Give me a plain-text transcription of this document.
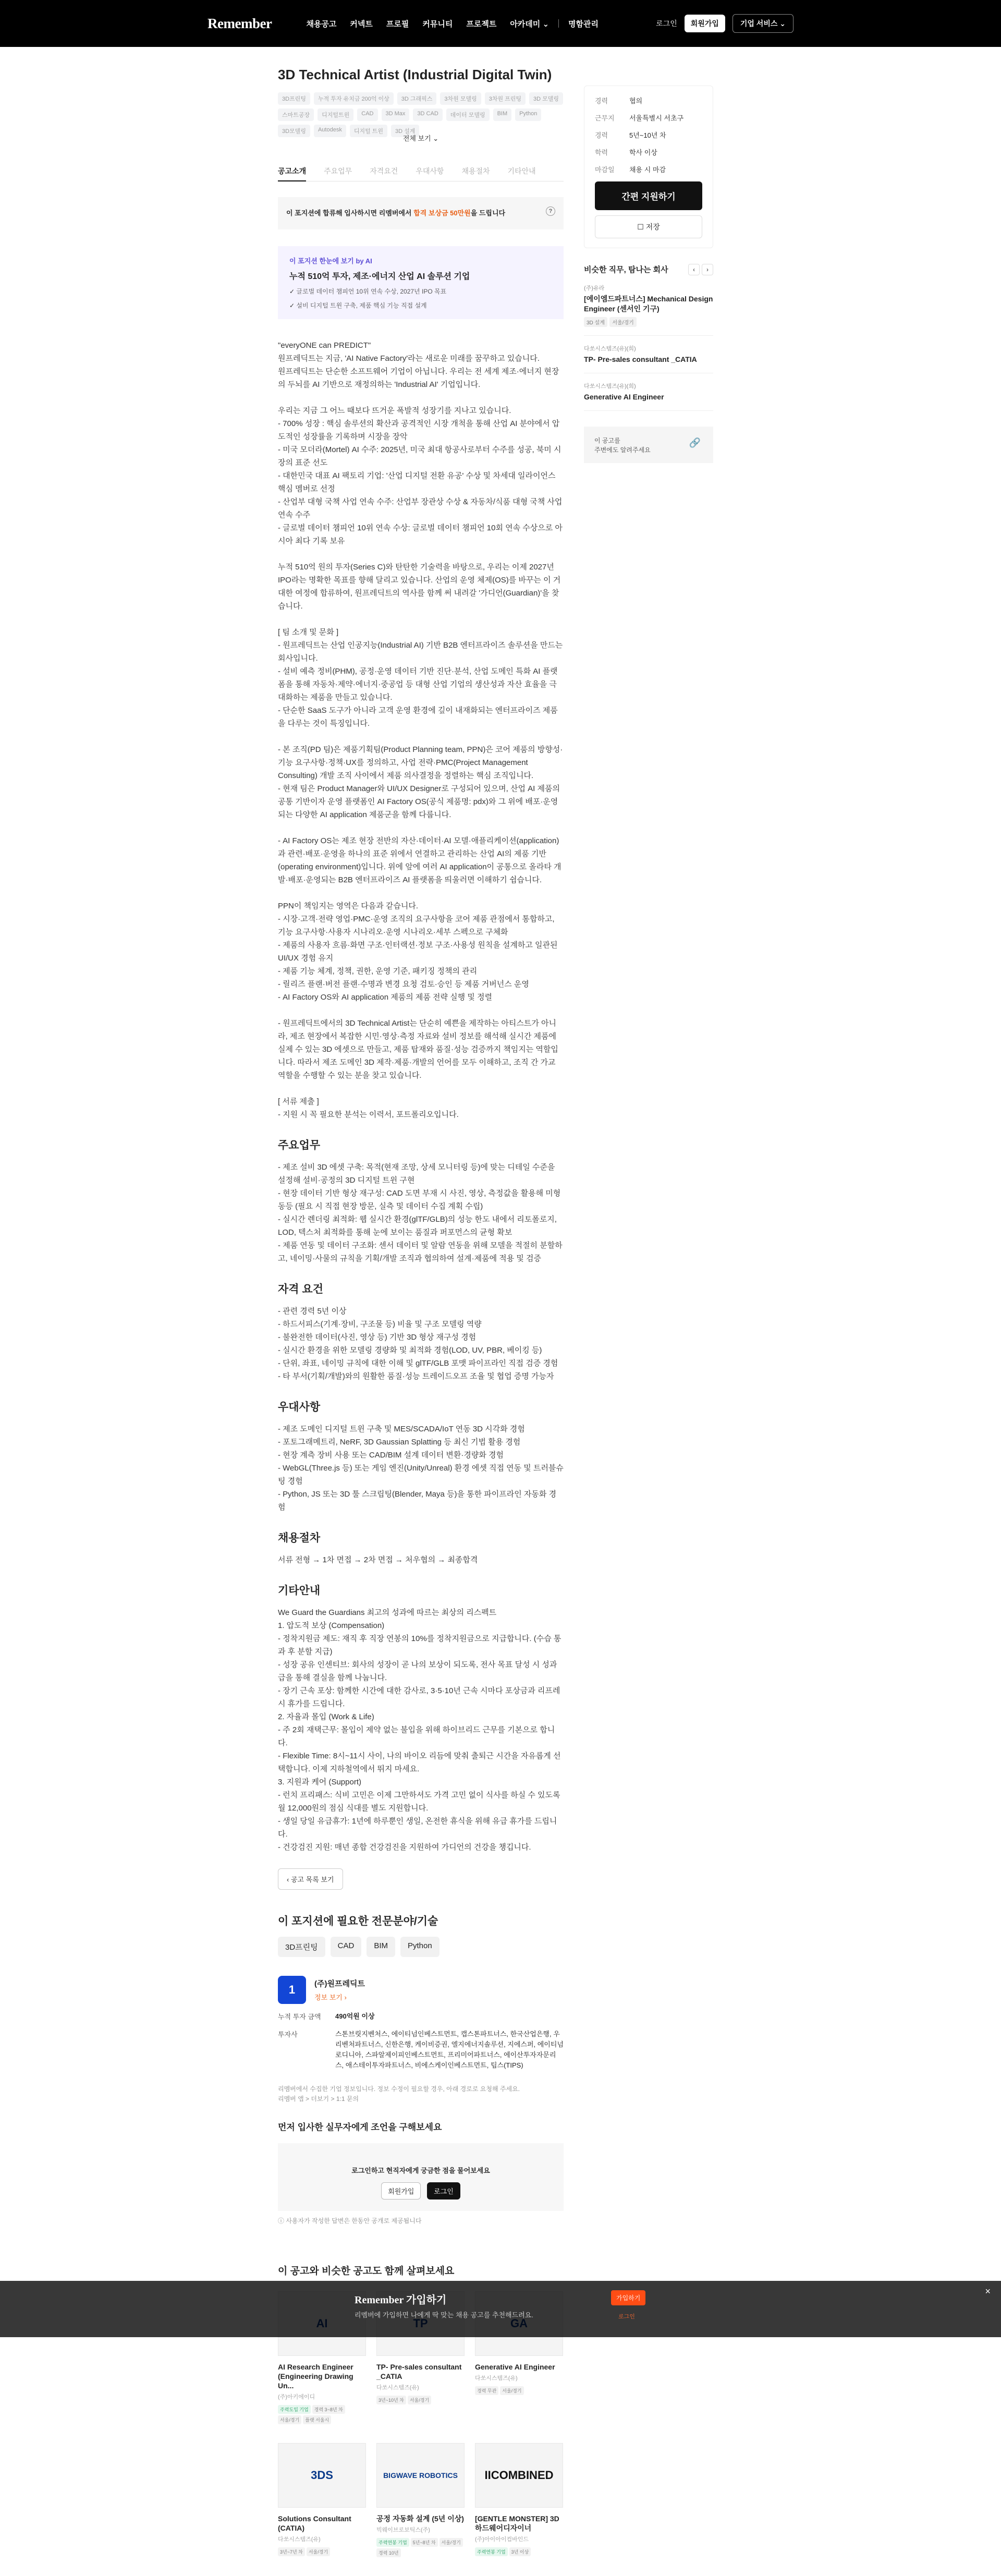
Remember	채용공고 커넥트 프로필 커뮤니티 프로젝트 아카데미 ⌄ 명함관리	로그인	회원가입	기업 서비스 ⌄
3D Technical Artist (Industrial Digital Twin)
3D프린팅	누적 투자 유치금 200억 이상	3D 그래픽스	3차원 모델링	3차원 프린팅	3D 모델링
스마트공장	디지털트윈	CAD	3D Max	3D CAD	데이터 모델링	BIM	Python
3D모델링	Autodesk	디지털 트윈	3D 설계
전체 보기 ⌄
공고소개 주요업무 자격요건 우대사항 채용절차 기타안내
이 포지션에 합류해 입사하시면 리멤버에서 합격 보상금 50만원을 드립니다	?
이 포지션 한눈에 보기 by AI
누적 510억 투자, 제조·에너지 산업 AI 솔루션 기업
✓ 글로벌 데이터 챔피언 10위 연속 수상, 2027년 IPO 목표
✓ 설비 디지털 트윈 구축, 제품 핵심 기능 직접 설계
"everyONE can PREDICT"
원프레딕트는 지금, 'AI Native Factory'라는 새로운 미래를 꿈꾸하고 있습니다.
원프레딕트는 단순한 소프트웨어 기업이 아닙니다. 우리는 전 세계 제조·에너지 현장의 두뇌를 AI 기반으로 재정의하는 'Industrial AI' 기업입니다.

우리는 지금 그 어느 때보다 뜨거운 폭발적 성장기를 지나고 있습니다.
- 700% 성장 : 핵심 솔루션의 확산과 공격적인 시장 개척을 통해 산업 AI 분야에서 압도적인 성장률을 기록하며 시장을 장악
- 미국 모더라(Mortel) AI 수주: 2025년, 미국 최대 항공사로부터 수주를 성공, 북미 시장의 표준 선도
- 대한민국 대표 AI 팩토리 기업: '산업 디지털 전환 유공' 수상 및 차세대 일라이언스 핵심 멤버로 선정
- 산업부 대형 국책 사업 연속 수주: 산업부 장관상 수상 & 자동차/식품 대형 국책 사업 연속 수주
- 글로벌 데이터 챔피언 10위 연속 수상: 글로벌 데이터 챔피언 10회 연속 수상으로 아시아 최다 기록 보유

누적 510억 원의 투자(Series C)와 탄탄한 기술력을 바탕으로, 우리는 이제 2027년 IPO라는 명확한 목표를 향해 달리고 있습니다. 산업의 운영 체제(OS)를 바꾸는 이 거대한 여정에 합류하여, 원프레딕트의 역사를 함께 써 내려갈 '가디언(Guardian)'을 찾습니다.

[ 팀 소개 및 문화 ]
- 원프레딕트는 산업 인공지능(Industrial AI) 기반 B2B 엔터프라이즈 솔루션을 만드는 회사입니다.
- 설비 예측 정비(PHM), 공정·운영 데이터 기반 진단·분석, 산업 도메인 특화 AI 플랫폼을 통해 자동차·제약·에너지·중공업 등 대형 산업 기업의 생산성과 자산 효율을 극대화하는 제품을 만들고 있습니다.
- 단순한 SaaS 도구가 아니라 고객 운영 환경에 깊이 내재화되는 엔터프라이즈 제품을 다루는 것이 특징입니다.

- 본 조직(PD 팀)은 제품기획팀(Product Planning team, PPN)은 코어 제품의 방향성·기능 요구사항·정책·UX를 정의하고, 사업 전략·PMC(Project Management Consulting) 개발 조직 사이에서 제품 의사결정을 정렬하는 핵심 조직입니다.
- 현재 팀은 Product Manager와 UI/UX Designer로 구성되어 있으며, 산업 AI 제품의 공통 기반이자 운영 플랫폼인 AI Factory OS(공식 제품명: pdx)와 그 위에 배포·운영되는 다양한 AI application 제품군을 함께 다룹니다.

- AI Factory OS는 제조 현장 전반의 자산·데이터·AI 모델·애플리케이션(application)과 관련·배포·운영을 하나의 표준 위에서 연결하고 관리하는 산업 AI의 제품 기반(operating environment)입니다. 위에 앞에 여러 AI application이 공통으로 올라타 개발·배포·운영되는 B2B 엔터프라이즈 AI 플랫폼을 띄울러면 이해하기 쉽습니다.

PPN이 책임지는 영역은 다음과 같습니다.
- 시장·고객·전략 영업·PMC·운영 조직의 요구사항을 코어 제품 관점에서 통합하고, 기능 요구사항·사용자 시나리오·운영 시나리오·세부 스펙으로 구체화
- 제품의 사용자 흐름·화면 구조·인터랙션·정보 구조·사용성 원칙을 설계하고 일관된 UI/UX 경험 유지
- 제품 기능 체계, 정책, 권한, 운영 기준, 패키징 정책의 관리
- 릴리즈 플랜·버전 플랜·수명과 변경 요청 검토·승인 등 제품 거버넌스 운영
- AI Factory OS와 AI application 제품의 제품 전략 실행 및 정렬

- 원프레딕트에서의 3D Technical Artist는 단순히 예쁜을 제작하는 아티스트가 아니라, 제조 현장에서 복잡한 시민·영상·측정 자료와 설비 정보를 해석해 실시간 제품에 실제 수 있는 3D 에셋으로 만들고, 제품 탑재와 품질·성능 검증까지 책임지는 역할입니다. 따라서 제조 도메인 3D 제작·제품·개발의 언어를 모두 이해하고, 조직 간 가교 역할을 수행할 수 있는 분을 찾고 있습니다.

[ 서류 제출 ]
- 지원 시 꼭 필요한 분석는 이력서, 포트폴리오입니다.
주요업무
- 제조 설비 3D 에셋 구축: 목적(현재 조망, 상세 모니터링 등)에 맞는 디테일 수준을 설정해 설비·공정의 3D 디지털 트윈 구현
- 현장 데이터 기반 형상 재구성: CAD 도면 부재 시 사진, 영상, 측정값을 활용해 미형 동등 (필요 시 직접 현장 방문, 실측 및 데이터 수집 계획 수립)
- 실시간 렌더링 최적화: 웹 실시간 환경(glTF/GLB)의 성능 한도 내에서 리토폴로지, LOD, 텍스처 최적화를 통해 눈에 보이는 품질과 퍼포먼스의 균형 확보
- 제품 연동 및 데이터 구조화: 센서 데이터 및 알람 연동을 위해 모델을 적절히 분할하고, 네이밍·사물의 규칙을 기획/개발 조직과 협의하여 설계·제품에 적용 및 검증
자격 요건
- 관련 경력 5년 이상
- 하드서피스(기계·장비, 구조물 등) 비율 및 구조 모델링 역량
- 불완전한 데이터(사진, 영상 등) 기반 3D 형상 재구성 경험
- 실시간 환경을 위한 모델링 경량화 및 최적화 경험(LOD, UV, PBR, 베이킹 등)
- 단위, 좌표, 네이밍 규칙에 대한 이해 및 glTF/GLB 포맷 파이프라인 직접 검증 경험
- 타 부서(기획/개발)와의 원활한 품질·성능 트레이드오프 조율 및 협업 증명 가능자
우대사항
- 제조 도메인 디지털 트윈 구축 및 MES/SCADA/IoT 연동 3D 시각화 경험
- 포토그래메트리, NeRF, 3D Gaussian Splatting 등 최신 기법 활용 경험
- 현장 계측 장비 사용 또는 CAD/BIM 설계 데이터 변환·경량화 경험
- WebGL(Three.js 등) 또는 게임 엔진(Unity/Unreal) 환경 에셋 직접 연동 및 트러블슈팅 경험
- Python, JS 또는 3D 툴 스크립팅(Blender, Maya 등)을 통한 파이프라인 자동화 경험
채용절차
서류 전형 → 1차 면접 → 2차 면접 → 처우협의 → 최종합격
기타안내
We Guard the Guardians 최고의 성과에 따르는 최상의 리스펙트
1. 압도적 보상 (Compensation)
- 정착지원금 제도: 재직 후 직장 연봉의 10%를 정착지원금으로 지급합니다. (수습 통과 후 분할 지급)
- 성장 공유 인센티브: 회사의 성장이 곧 나의 보상이 되도록, 전사 목표 달성 시 성과급을 통해 결실을 함께 나눕니다.
- 장기 근속 포상: 함께한 시간에 대한 감사로, 3·5·10년 근속 시마다 포상금과 리프레시 휴가를 드립니다.
2. 자율과 몰입 (Work & Life)
- 주 2회 재택근무: 몰입이 제약 없는 불입을 위해 하이브리드 근무를 기본으로 합니다.
- Flexible Time: 8시~11시 사이, 나의 바이오 리듬에 맞춰 출퇴근 시간을 자유롭게 선택합니다. 이제 지하철역에서 뛰지 마세요.
3. 지원과 케어 (Support)
- 런치 프리패스: 식비 고민은 이제 그만하셔도 가격 고민 없이 식사를 하실 수 있도록 월 12,000원의 점심 식대를 별도 지원합니다.
- 생일 당일 유급휴가: 1년에 하루뿐인 생일, 온전한 휴식을 위해 유급 휴가를 드립니다.
- 건강검진 지원: 매년 종합 건강검진을 지원하여 가디언의 건강을 챙깁니다.
‹ 공고 목록 보기
이 포지션에 필요한 전문분야/기술
3D프린팅	CAD	BIM	Python
1	(주)원프레딕트
정보 보기 ›
누적 투자 금액	490억원 이상
투자사	스톤브릿지벤처스, 에이티넘인베스트먼트, 캡스톤파트너스, 한국산업은행, 우리벤처파트너스, 신한은행, 케이비증권, 엘지에너지솔루션, 지에스퍼, 에이티넘로디니아, 스파알제이피인베스트먼트, 프리미어파트너스, 에이산투자자문리스, 애스테이투자파트너스, 비에스케이인베스트먼트, 팁스(TIPS)
리멤버에서 수집한 기업 정보입니다. 정보 수정이 필요할 경우, 아래 경로로 요청해 주세요.
리멤버 앱 > 더보기 > 1:1 문의
먼저 입사한 실무자에게 조언을 구해보세요
로그인하고 현직자에게 궁금한 점을 물어보세요
회원가입	로그인
ⓘ 사용자가 작성한 답변은 한동안 공개로 제공됩니다
이 공고와 비슷한 공고도 함께 살펴보세요
경력	협의
근무지	서울특별시 서초구
경력	5년~10년 차
학력	학사 이상
마감일	채용 시 마감
간편 지원하기
☐ 저장
비슷한 직무, 탐나는 회사	‹	›
(주)유라
[에이엠드파트너스] Mechanical Design Engineer (센서인 기구)
3D 설계 서울/경기
다쏘시스템즈(유)(희)
TP- Pre-sales consultant _CATIA
다쏘시스템즈(유)(희)
Generative AI Engineer
이 공고를
주변에도 알려주세요
🔗
AI Research Engineer (Engineering Drawing Un...
(주)아키에이디
주력도입 기업	경력 3~8년 차
서울/경기	플랫 서울시
TP- Pre-sales consultant _CATIA
다쏘시스템즈(유)
3년~10년 차	서울/경기
Generative AI Engineer
다쏘시스템즈(유)
경력 무관	서울/경기
3DS
Solutions Consultant (CATIA)
다쏘시스템즈(유)
3년~7년 차	서울/경기
BIGWAVE ROBOTICS
공정 자동화 설계 (5년 이상)
빅웨이브로보틱스(주)
주력연봉 기업	5년~8년 차	서울/경기
경력 10년
IICOMBINED
[GENTLE MONSTER] 3D 하드웨어디자이너
(주)아이아이컴바인드
주력연봉 기업	3년 이상
Remember 가입하기
리멤버에 가입하면 나에게 딱 맞는 채용 공고를 추천해드려요.
가입하기
로그인
×
